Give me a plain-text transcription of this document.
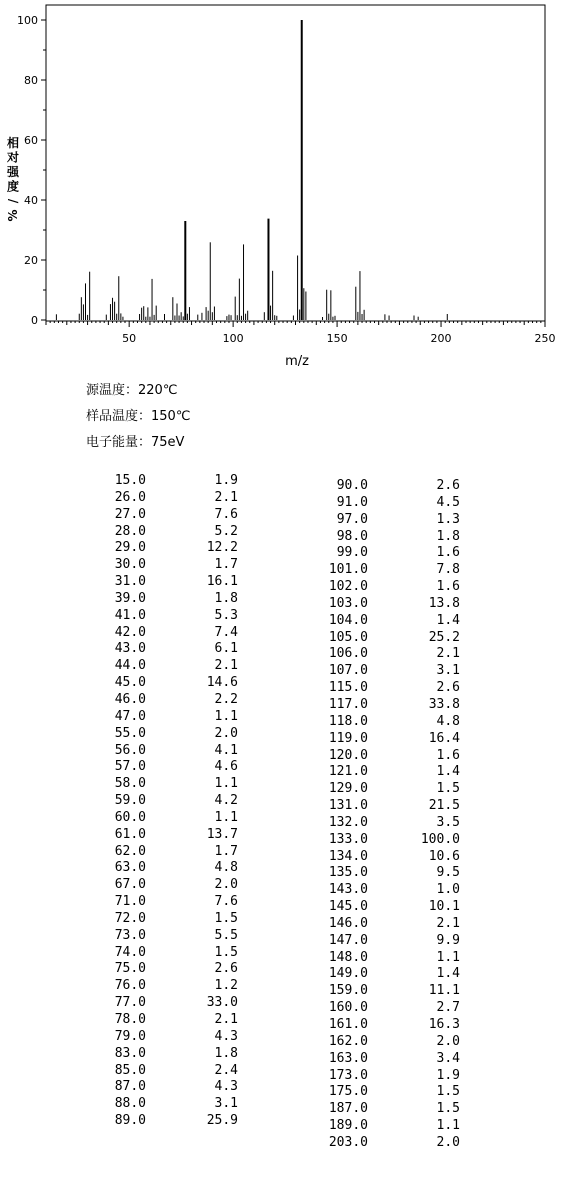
相
对
强
度
/
%
0
20
40
60
80
100
50	100	150	200	250
m/z
源温度：220℃
样品温度：150℃
电子能量：75eV
15.0	1.9
26.0	2.1
27.0	7.6
28.0	5.2
29.0	12.2
30.0	1.7
31.0	16.1
39.0	1.8
41.0	5.3
42.0	7.4
43.0	6.1
44.0	2.1
45.0	14.6
46.0	2.2
47.0	1.1
55.0	2.0
56.0	4.1
57.0	4.6
58.0	1.1
59.0	4.2
60.0	1.1
61.0	13.7
62.0	1.7
63.0	4.8
67.0	2.0
71.0	7.6
72.0	1.5
73.0	5.5
74.0	1.5
75.0	2.6
76.0	1.2
77.0	33.0
78.0	2.1
79.0	4.3
83.0	1.8
85.0	2.4
87.0	4.3
88.0	3.1
89.0	25.9
90.0	2.6
91.0	4.5
97.0	1.3
98.0	1.8
99.0	1.6
101.0	7.8
102.0	1.6
103.0	13.8
104.0	1.4
105.0	25.2
106.0	2.1
107.0	3.1
115.0	2.6
117.0	33.8
118.0	4.8
119.0	16.4
120.0	1.6
121.0	1.4
129.0	1.5
131.0	21.5
132.0	3.5
133.0	100.0
134.0	10.6
135.0	9.5
143.0	1.0
145.0	10.1
146.0	2.1
147.0	9.9
148.0	1.1
149.0	1.4
159.0	11.1
160.0	2.7
161.0	16.3
162.0	2.0
163.0	3.4
173.0	1.9
175.0	1.5
187.0	1.5
189.0	1.1
203.0	2.0
